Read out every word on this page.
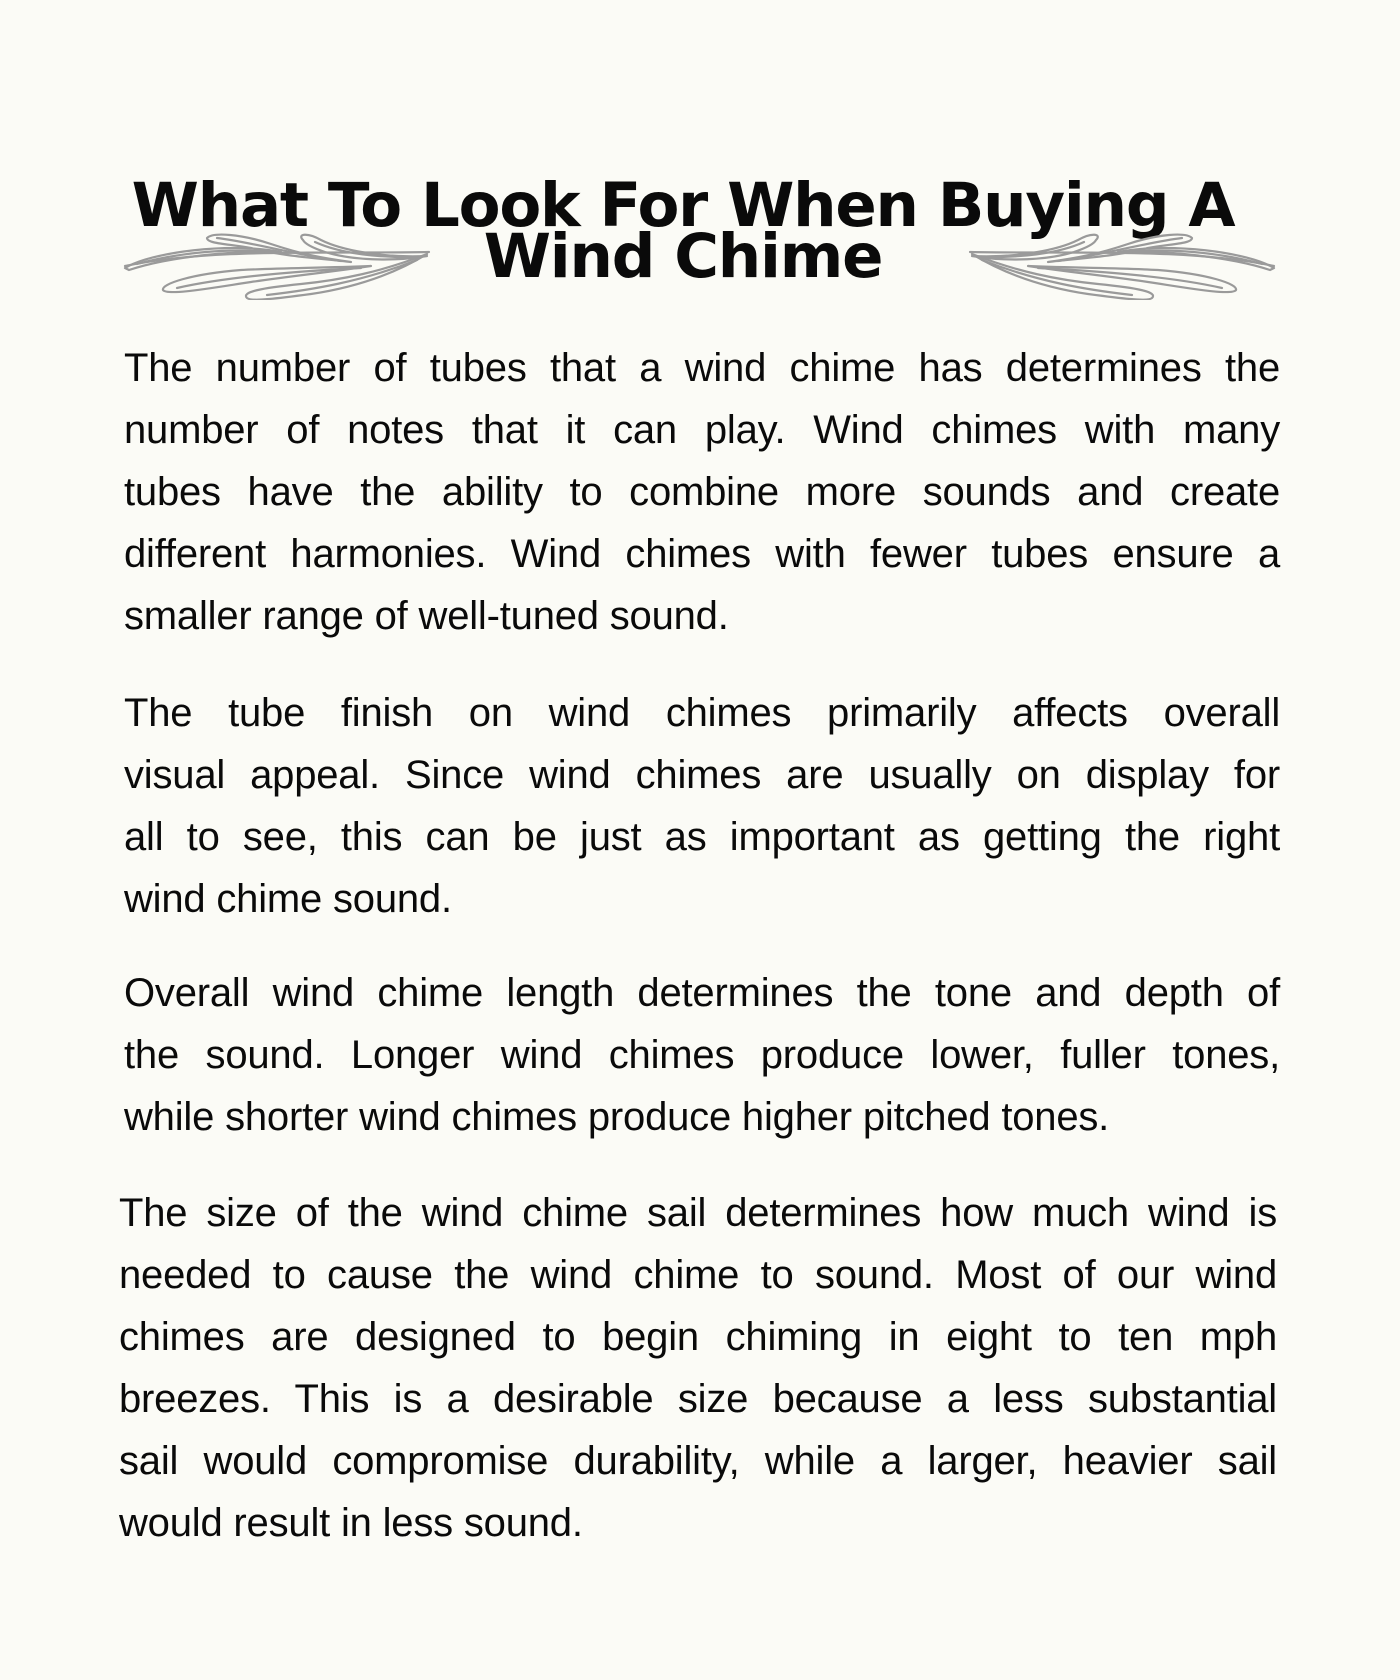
What To Look For When Buying A
Wind Chime
The number of tubes that a wind chime has determines the
number of notes that it can play. Wind chimes with many
tubes have the ability to combine more sounds and create
different harmonies. Wind chimes with fewer tubes ensure a
smaller range of well-tuned sound.
The tube finish on wind chimes primarily affects overall
visual appeal. Since wind chimes are usually on display for
all to see, this can be just as important as getting the right
wind chime sound.
Overall wind chime length determines the tone and depth of
the sound. Longer wind chimes produce lower, fuller tones,
while shorter wind chimes produce higher pitched tones.
The size of the wind chime sail determines how much wind is
needed to cause the wind chime to sound. Most of our wind
chimes are designed to begin chiming in eight to ten mph
breezes. This is a desirable size because a less substantial
sail would compromise durability, while a larger, heavier sail
would result in less sound.
